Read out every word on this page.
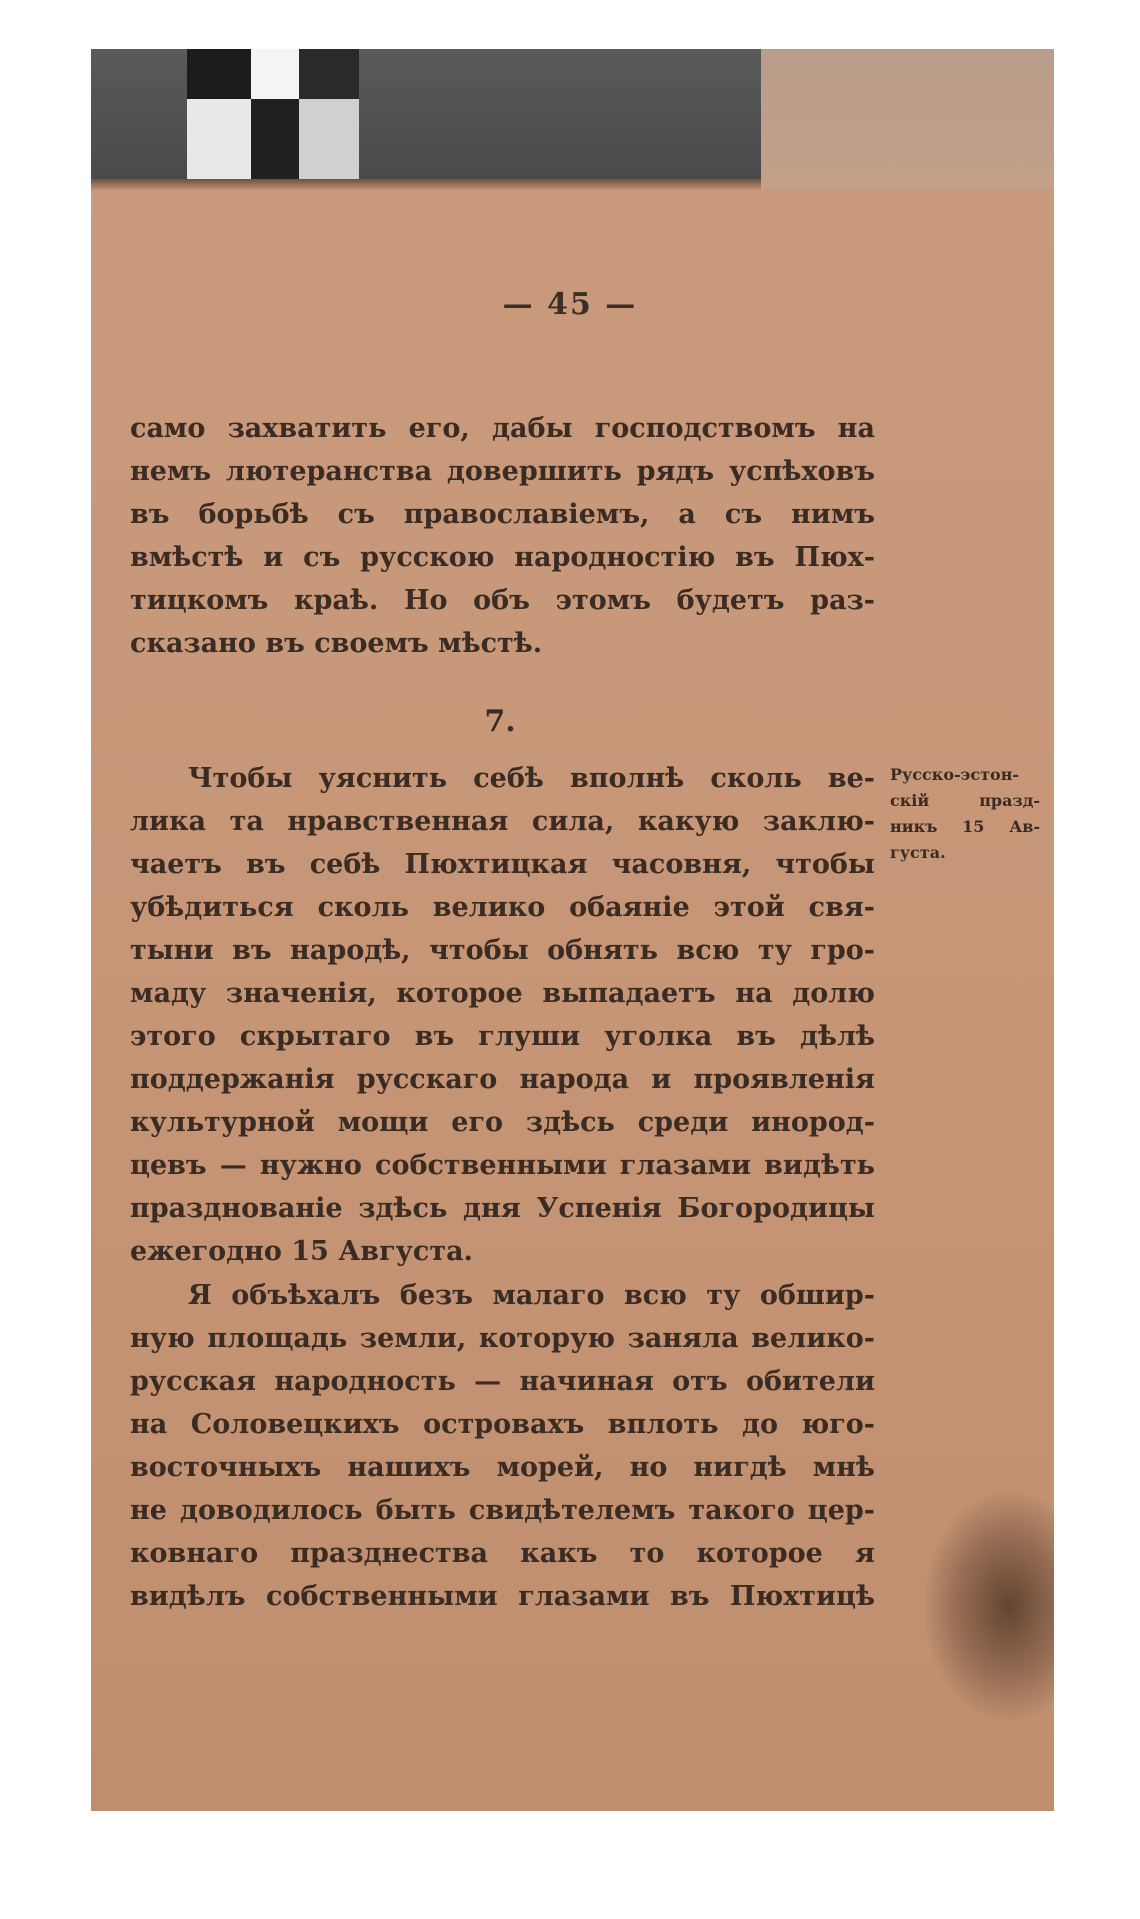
— 45 —
само захватить его, дабы господствомъ на
немъ лютеранства довершить рядъ успѣховъ
въ борьбѣ съ православіемъ, а съ нимъ
вмѣстѣ и съ русскою народностію въ Пюх-
тицкомъ краѣ. Но объ этомъ будетъ раз-
сказано въ своемъ мѣстѣ.
7.
Чтобы уяснить себѣ вполнѣ сколь ве-
лика та нравственная сила, какую заклю-
чаетъ въ себѣ Пюхтицкая часовня, чтобы
убѣдиться сколь велико обаяніе этой свя-
тыни въ народѣ, чтобы обнять всю ту гро-
маду значенія, которое выпадаетъ на долю
этого скрытаго въ глуши уголка въ дѣлѣ
поддержанія русскаго народа и проявленія
культурной мощи его здѣсь среди инород-
цевъ — нужно собственными глазами видѣть
празднованіе здѣсь дня Успенія Богородицы
ежегодно 15 Августа.
Я объѣхалъ безъ малаго всю ту обшир-
ную площадь земли, которую заняла велико-
русская народность — начиная отъ обители
на Соловецкихъ островахъ вплоть до юго-
восточныхъ нашихъ морей, но нигдѣ мнѣ
не доводилось быть свидѣтелемъ такого цер-
ковнаго празднества какъ то которое я
видѣлъ собственными глазами въ Пюхтицѣ
Русско-эстон-
скій празд-
никъ 15 Ав-
густа.
